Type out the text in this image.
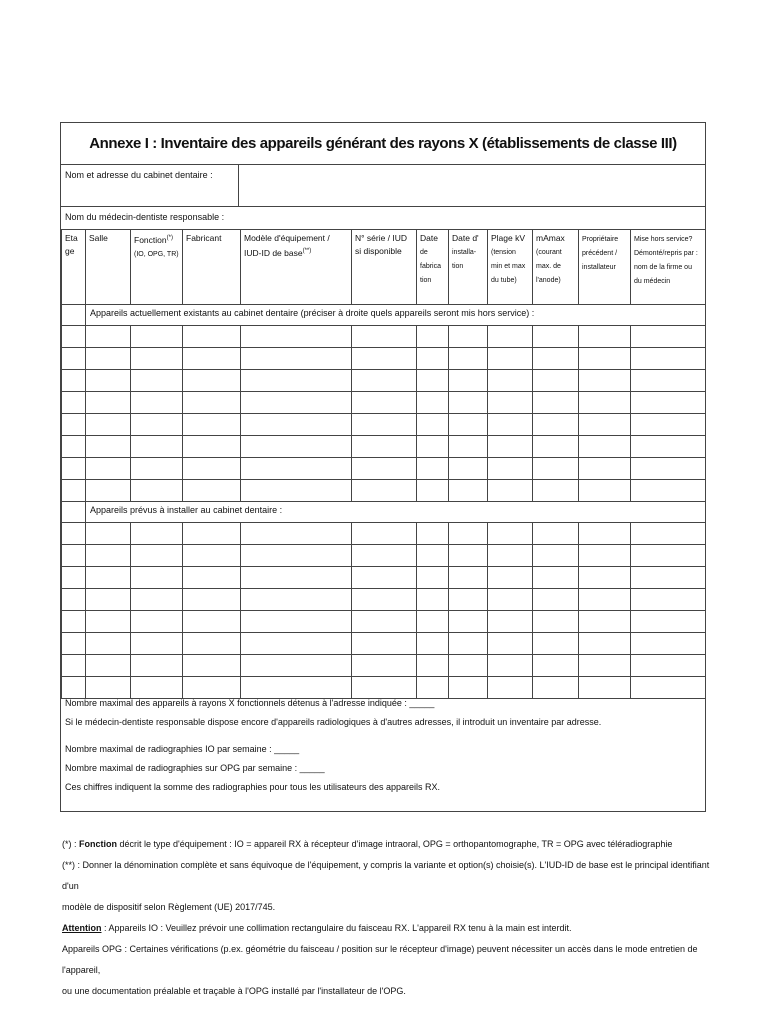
Annexe I : Inventaire des appareils générant des rayons X (établissements de classe III)
Nom et adresse du cabinet dentaire :
Nom du médecin-dentiste responsable :
Eta
ge	Salle	Fonction(*)
(IO, OPG, TR)	Fabricant	Modèle d'équipement /
IUD-ID de base(**)	N° série / IUD
si disponible	Date
de
fabrica
tion	Date d'
installa-
tion	Plage kV
(tension
min et max
du tube)	mAmax
(courant
max. de
l'anode)	Propriétaire
précédent /
installateur	Mise hors service?
Démonté/repris par :
nom de la firme ou
du médecin
	Appareils actuellement existants au cabinet dentaire (préciser à droite quels appareils seront mis hors service) :										

	Appareils prévus à installer au cabinet dentaire :										

Nombre maximal des appareils à rayons X fonctionnels détenus à l'adresse indiquée : _____
Si le médecin-dentiste responsable dispose encore d'appareils radiologiques à d'autres adresses, il introduit un inventaire par adresse.
Nombre maximal de radiographies IO par semaine : _____
Nombre maximal de radiographies sur OPG par semaine : _____
Ces chiffres indiquent la somme des radiographies pour tous les utilisateurs des appareils RX.
(*) : Fonction décrit le type d'équipement : IO = appareil RX à récepteur d'image intraoral, OPG = orthopantomographe, TR = OPG avec téléradiographie
(**) : Donner la dénomination complète et sans équivoque de l'équipement, y compris la variante et option(s) choisie(s). L'IUD-ID de base est le principal identifiant d'un
modèle de dispositif selon Règlement (UE) 2017/745.
Attention : Appareils IO : Veuillez prévoir une collimation rectangulaire du faisceau RX. L'appareil RX tenu à la main est interdit.
Appareils OPG : Certaines vérifications (p.ex. géométrie du faisceau / position sur le récepteur d'image) peuvent nécessiter un accès dans le mode entretien de l'appareil,
ou une documentation préalable et traçable à l'OPG installé par l'installateur de l'OPG.
